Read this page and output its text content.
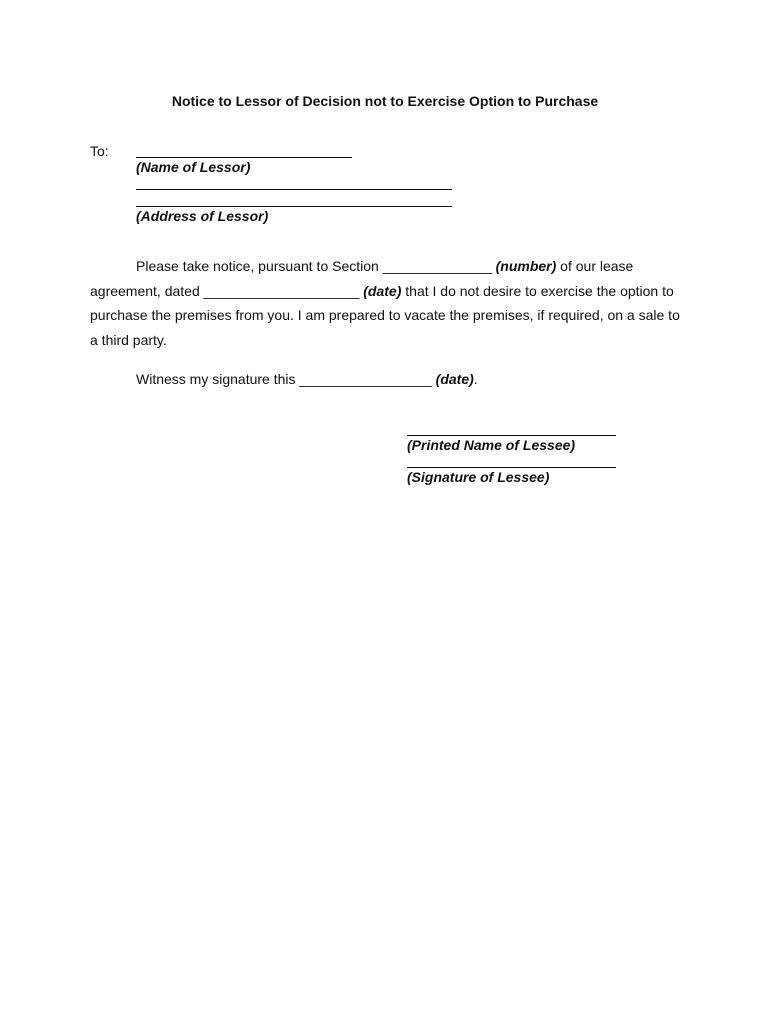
Notice to Lessor of Decision not to Exercise Option to Purchase
To:
(Name of Lessor)
(Address of Lessor)

Please take notice, pursuant to Section ______________ (number) of our lease agreement, dated ____________________ (date) that I do not desire to exercise the option to purchase the premises from you. I am prepared to vacate the premises, if required, on a sale to a third party.

Witness my signature this _________________ (date).
(Printed Name of Lessee)
(Signature of Lessee)
